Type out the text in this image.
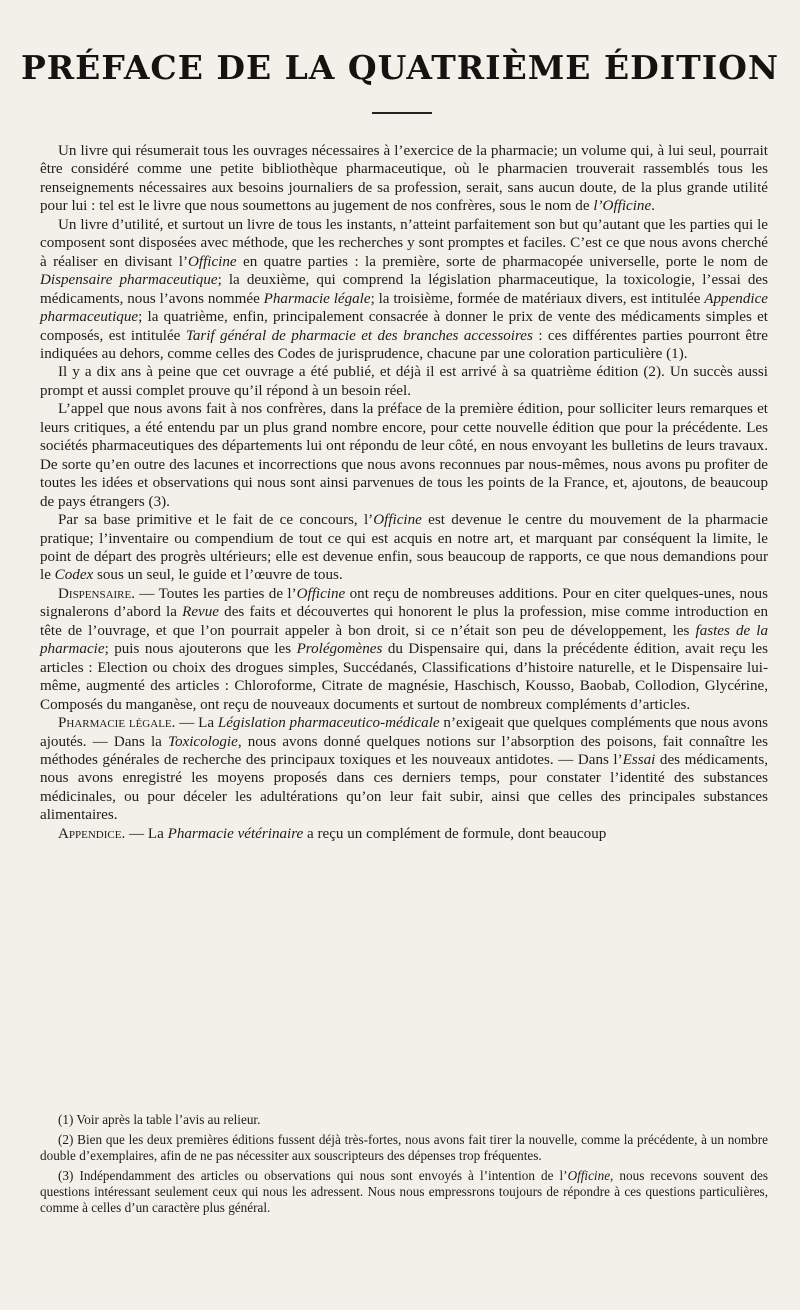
PRÉFACE DE LA QUATRIÈME ÉDITION

Un livre qui résumerait tous les ouvrages nécessaires à l’exercice de la pharmacie; un volume qui, à lui seul, pourrait être considéré comme une petite bibliothèque pharmaceutique, où le pharmacien trouverait rassemblés tous les renseignements nécessaires aux besoins journaliers de sa profession, serait, sans aucun doute, de la plus grande utilité pour lui : tel est le livre que nous soumettons au jugement de nos confrères, sous le nom de l’Officine.

Un livre d’utilité, et surtout un livre de tous les instants, n’atteint parfaitement son but qu’autant que les parties qui le composent sont disposées avec méthode, que les recherches y sont promptes et faciles. C’est ce que nous avons cherché à réaliser en divisant l’Officine en quatre parties : la première, sorte de pharmacopée universelle, porte le nom de Dispensaire pharmaceutique; la deuxième, qui comprend la législation pharmaceutique, la toxicologie, l’essai des médicaments, nous l’avons nommée Pharmacie légale; la troisième, formée de matériaux divers, est intitulée Appendice pharmaceutique; la quatrième, enfin, principalement consacrée à donner le prix de vente des médicaments simples et composés, est intitulée Tarif général de pharmacie et des branches accessoires : ces différentes parties pourront être indiquées au dehors, comme celles des Codes de jurisprudence, chacune par une coloration particulière (1).

Il y a dix ans à peine que cet ouvrage a été publié, et déjà il est arrivé à sa quatrième édition (2). Un succès aussi prompt et aussi complet prouve qu’il répond à un besoin réel.

L’appel que nous avons fait à nos confrères, dans la préface de la première édition, pour solliciter leurs remarques et leurs critiques, a été entendu par un plus grand nombre encore, pour cette nouvelle édition que pour la précédente. Les sociétés pharmaceutiques des départements lui ont répondu de leur côté, en nous envoyant les bulletins de leurs travaux. De sorte qu’en outre des lacunes et incorrections que nous avons reconnues par nous-mêmes, nous avons pu profiter de toutes les idées et observations qui nous sont ainsi parvenues de tous les points de la France, et, ajoutons, de beaucoup de pays étrangers (3).

Par sa base primitive et le fait de ce concours, l’Officine est devenue le centre du mouvement de la pharmacie pratique; l’inventaire ou compendium de tout ce qui est acquis en notre art, et marquant par conséquent la limite, le point de départ des progrès ultérieurs; elle est devenue enfin, sous beaucoup de rapports, ce que nous demandions pour le Codex sous un seul, le guide et l’œuvre de tous.

Dispensaire. — Toutes les parties de l’Officine ont reçu de nombreuses additions. Pour en citer quelques-unes, nous signalerons d’abord la Revue des faits et découvertes qui honorent le plus la profession, mise comme introduction en tête de l’ouvrage, et que l’on pourrait appeler à bon droit, si ce n’était son peu de développement, les fastes de la pharmacie; puis nous ajouterons que les Prolégomènes du Dispensaire qui, dans la précédente édition, avait reçu les articles : Election ou choix des drogues simples, Succédanés, Classifications d’histoire naturelle, et le Dispensaire lui-même, augmenté des articles : Chloroforme, Citrate de magnésie, Haschisch, Kousso, Baobab, Collodion, Glycérine, Composés du manganèse, ont reçu de nouveaux documents et surtout de nombreux compléments d’articles.

Pharmacie légale. — La Législation pharmaceutico-médicale n’exigeait que quelques compléments que nous avons ajoutés. — Dans la Toxicologie, nous avons donné quelques notions sur l’absorption des poisons, fait connaître les méthodes générales de recherche des principaux toxiques et les nouveaux antidotes. — Dans l’Essai des médicaments, nous avons enregistré les moyens proposés dans ces derniers temps, pour constater l’identité des substances médicinales, ou pour déceler les adultérations qu’on leur fait subir, ainsi que celles des principales substances alimentaires.

Appendice. — La Pharmacie vétérinaire a reçu un complément de formule, dont beaucoup

(1) Voir après la table l’avis au relieur.

(2) Bien que les deux premières éditions fussent déjà très-fortes, nous avons fait tirer la nouvelle, comme la précédente, à un nombre double d’exemplaires, afin de ne pas nécessiter aux souscripteurs des dépenses trop fréquentes.

(3) Indépendamment des articles ou observations qui nous sont envoyés à l’intention de l’Officine, nous recevons souvent des questions intéressant seulement ceux qui nous les adressent. Nous nous empressrons toujours de répondre à ces questions particulières, comme à celles d’un caractère plus général.
